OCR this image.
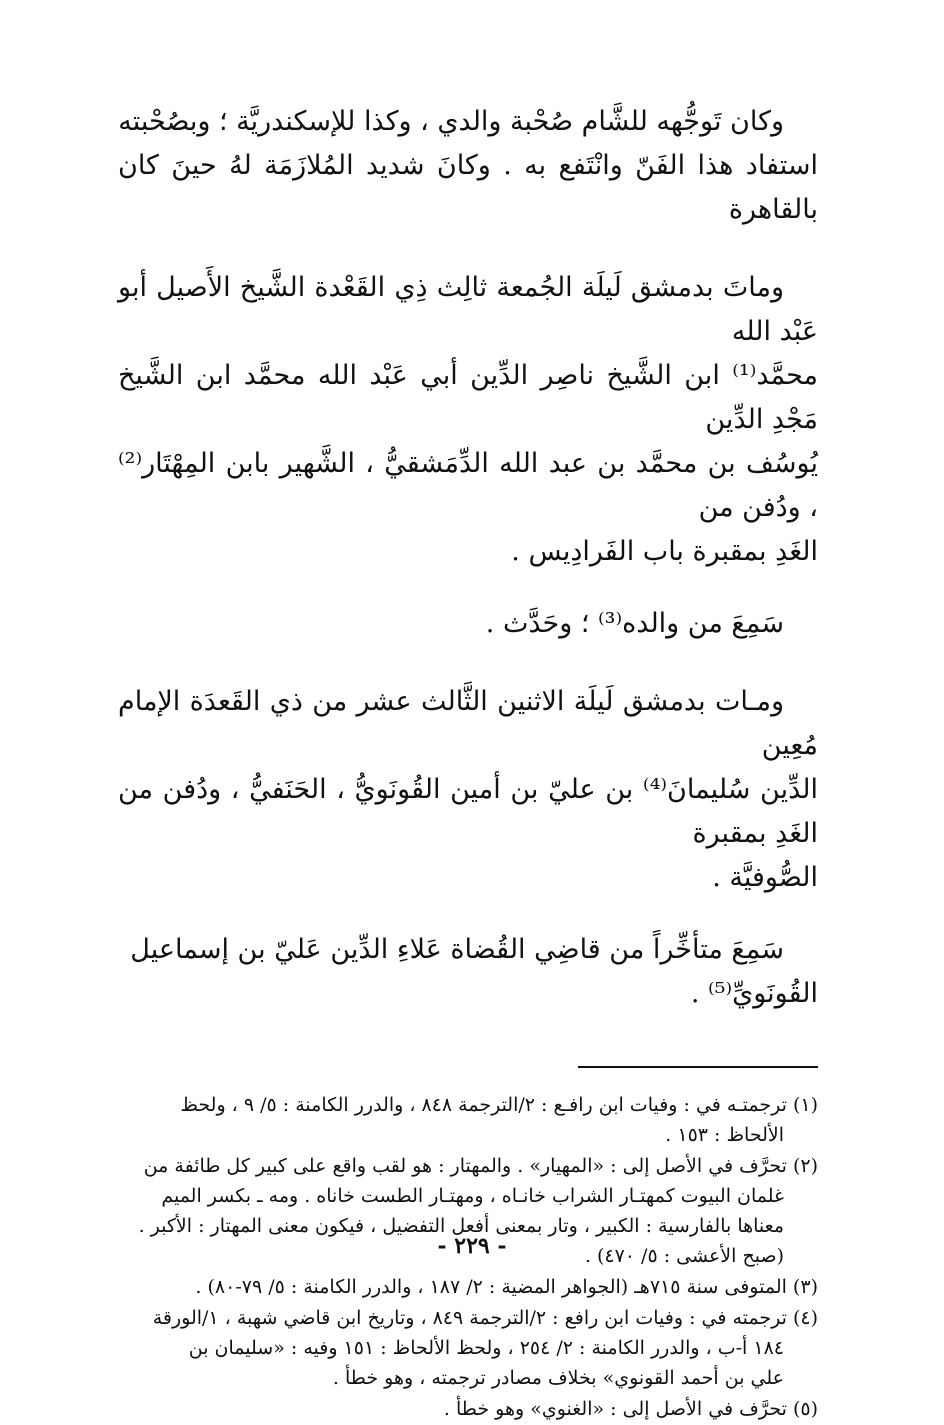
وكان تَوجُّهه للشَّام صُحْبة والدي ، وكذا للإسكندريَّة ؛ وبصُحْبته
استفاد هذا الفَنّ وانْتَفع به . وكانَ شديد المُلازَمَة لهُ حينَ كان بالقاهرة

وماتَ بدمشق لَيلَة الجُمعة ثالِث ذِي القَعْدة الشَّيخ الأَصيل أبو عَبْد الله
محمَّد⁽¹⁾ ابن الشَّيخ ناصِر الدِّين أبي عَبْد الله محمَّد ابن الشَّيخ مَجْدِ الدِّين
يُوسُف بن محمَّد بن عبد الله الدِّمَشقيُّ ، الشَّهير بابن المِهْتَار⁽²⁾ ، ودُفن من
الغَدِ بمقبرة باب الفَرادِيس .

سَمِعَ من والده⁽³⁾ ؛ وحَدَّث .

ومـات بدمشق لَيلَة الاثنين الثَّالث عشر من ذي القَعدَة الإمام مُعِين
الدِّين سُليمانَ⁽⁴⁾ بن عليّ بن أمين القُونَويُّ ، الحَنَفيُّ ، ودُفن من الغَدِ بمقبرة
الصُّوفيَّة .

سَمِعَ متأخِّراً من قاضِي القُضاة عَلاءِ الدِّين عَليّ بن إسماعيل
القُونَويِّ⁽⁵⁾ .

(١) ترجمتـه في : وفيات ابن رافـع : ٢/الترجمة ٨٤٨ ، والدرر الكامنة : ٥/ ٩ ، ولحظ
الألحاظ : ١٥٣ .
(٢) تحرَّف في الأصل إلى : «المهيار» . والمهتار : هو لقب واقع على كبير كل طائفة من
غلمان البيوت كمهتـار الشراب خانـاه ، ومهتـار الطست خاناه . ومه ـ بكسر الميم
معناها بالفارسية : الكبير ، وتار بمعنى أفعل التفضيل ، فيكون معنى المهتار : الأكبر .
(صبح الأعشى : ٥/ ٤٧٠) .
(٣) المتوفى سنة ٧١٥هـ (الجواهر المضية : ٢/ ١٨٧ ، والدرر الكامنة : ٥/ ٧٩-٨٠) .
(٤) ترجمته في : وفيات ابن رافع : ٢/الترجمة ٨٤٩ ، وتاريخ ابن قاضي شهبة ، ١/الورقة
١٨٤ أ-ب ، والدرر الكامنة : ٢/ ٢٥٤ ، ولحظ الألحاظ : ١٥١ وفيه : «سليمان بن
علي بن أحمد القونوي» بخلاف مصادر ترجمته ، وهو خطأ .
(٥) تحرَّف في الأصل إلى : «الغنوي» وهو خطأ .
- ٢٢٩ -
